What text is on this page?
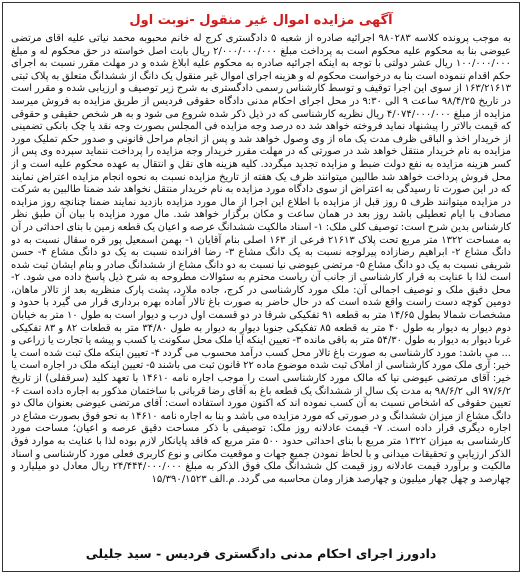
آگهی مزایده اموال غیر منقول -نوبت اول
به موجب پرونده کلاسه ۹۸۰۲۸۳ اجرائیه صادره از شعبه ۵ دادگستری کرج له خانم محبوبه محمد نیاتی علیه آقای مرتضی عیوضی بنا به محکوم علیه محکوم است به پرداخت مبلغ ۲/۰۰۰/۰۰۰/۰۰۰ ریال بابت اصل خواسته در حق محکوم له و مبلغ ۱۰۰/۰۰۰/۰۰۰ ریال عشر دولتی با توجه به اینکه اجرائیه صادره به محکوم علیه ابلاغ شده و در مهلت مقرر نسبت به اجرای حکم اقدام ننموده است بنا به درخواست محکوم له و هزینه اجرای اموال غیر منقول یک دانگ از ششدانگ متعلق به پلاک ثبتی ۱۶۳/۲۱۶۱۳ از سوی این اجرا توقیف و توسط کارشناس رسمی دادگستری به شرح زیر توصیف و ارزیابی شده و مقرر است در تاریخ ۹۸/۴/۲۵ ساعت ۹ الی ۹:۳۰ در محل اجرای احکام مدنی دادگاه حقوقی فردیس از طریق مزایده به فروش میرسد مزایده از مبلغ ۴/۰۷۴/۰۰۰/۰۰۰ ریال نظریه کارشناسی که در ذیل ذکر شده شروع می شود و به هر شخص حقیقی و حقوقی که قیمت بالاتر را پیشنهاد نماید فروخته خواهد شد ده درصد وجه مزایده فی المجلس بصورت وجه نقد یا چک بانکی تضمینی از خریدار اخذ و الباقی ظرف مدت یک ماه از وی وصول خواهد شد و پس از انجام مراحل قانونی و صدور حکم تملیک مورد مزایده به نام خریدار منتقل خواهد شد در صورتی که در مهلت مقرر خریدار وجه مزایده را پرداخت ننماید سپرده وی پس از کسر هزینه مزایده به نفع دولت ضبط و مزایده تجدید میگردد. کلیه هزینه های نقل و انتقال به عهده محکوم علیه است و از محل فروش پرداخت خواهد شد طالبین میتوانند ظرف یک هفته از تاریخ مزایده نسبت به نحوه انجام مزایده اعتراض نمایند که در این صورت تا رسیدگی به اعتراض از سوی دادگاه مورد مزایده به نام خریدار منتقل نخواهد شد ضمنا طالبین به شرکت در مزایده میتوانند ظرف ۵ روز قبل از مزایده با اطلاع این اجرا از مال مورد مزایده بازدید نمایند ضمنا چنانچه روز مزایده مصادف با ایام تعطیلی باشد روز بعد در همان ساعت و مکان برگزار خواهد شد. مال مورد مزایده با بیان آن طبق نظر کارشناس بدین شرح است: توصیف کلی ملک: ۱- اسناد مالکیت ششدانگ عرصه و اعیان یک قطعه زمین با بنای احداثی در آن به مساحت ۱۳۲۲ متر مربع تحت پلاک ۲۱۶۱۳ فرعی از ۱۶۳ اصلی بنام آقایان ۱- بهمن اسمعیل پور قره سقال نسبت به دو دانگ مشاع ۲- ابراهیم رضازاده پیرلوجه نسبت به یک دانگ مشاع ۳- رضا افرانده نسبت به یک دو دانگ مشاع ۴- حسن شریفی نسبت به یک دو دانگ مشاع ۵- مرتضی عیوضی نیا نسبت به دو دانگ مشاع از ششدانگ صادر و بنام ایشان ثبت شده است لذا با عنایت به قرار کارشناسی از جانب آن ریاست محترم به سئوالات مطروحه به شرح ذیل پاسخ داده می شود. ۲- محل دقیق ملک و توصیف اجمالی آن: ملک مورد کارشناسی در کرج، جاده ملارد، پشت پارک منظریه بعد از تالار ماهان، دومین کوچه دست راست واقع شده است که در حال حاضر به صورت باغ تالار آماده بهره برداری قرار می گیرد با حدود و مشخصات شمالا بطول ۱۴/۶۵ متر به قطعه ۹۱ تفکیکی شرقا در دو قسمت اول درب و دیوار است به طول ۱۰ متر به خیابان دوم دیوار به دیوار به طول ۴۰ متر به قطعه ۸۵ تفکیکی جنوبا دیوار به دیوار به طول ۳۴/۸۰ متر به قطعات ۸۲ و ۸۳ تفکیکی غربا دیوار به دیوار به طول ۵۴/۳۰ متر به باقی مانده ۳- تعیین اینکه آیا ملک محل سکونت یا کسب و پیشه یا تجارت یا زراعی و ... می باشد: مورد کارشناسی به صورت باغ تالار محل کسب درآمد محسوب می گردد ۴- تعیین اینکه ملک ثبت شده است یا خیر: آری ملک مورد کارشناسی از املاک ثبت شده موضوع ماده ۲۲ قانون ثبت می باشند ۵- تعیین اینکه ملک در اجاره است یا خیر: آقای مرتضی عیوضی نیا که مالک مورد کارشناسی است را موجب اجاره نامه ۱۴۶۱۰ با تعهد کلید (سرقفلی) از تاریخ ۹۷/۶/۲ الی ۹۸/۶/۲ به مدت یک سال از ششدانگ یک قطعه باغ به آقای رضا قربانی با ساختمان مذکور به اجاره داده است ۶- تعیین حقوقی که اشخاص نسبت به آن کسب نموده اند که اکنون مورد استفاده است: آقای مرتضی عیوضی بعنوان مالک دو دانگ مشاع از میزان ششدانگ و در صورتی که مورد مزایده می باشد و بنا به اجاره نامه ۱۴۶۱۰ به نحو فوق بصورت مشاع در اجاره دیگری قرار داده است. ۷- قیمت عادلانه روز ملک: توصیفی با ذکر مساحت دقیق عرصه و اعیان؛ مساحت مورد کارشناسی به میزان ۱۳۲۲ متر مربع با بنای احداثی حدود ۵۰۰ متر مربع که فاقد پایانکار لازم بوده لذا با عنایت به موارد فوق الذکر ارزیابی و تحقیقات میدانی و با لحاظ نمودن جمیع جهات و موقعیت مکانی و نوع کاربری فعلی مورد کارشناسی و اسناد مالکیت و برآورد قیمت عادلانه روز قیمت کل ششدانگ ملک فوق الذکر به مبلغ ۲۴/۴۴۴/۰۰۰/۰۰۰ ریال معادل دو میلیارد و چهارصد و چهل چهار میلیون و چهارصد هزار ومان محاسبه می گردد. م.الف ۱۵/۳۹۰/۱۵۲۳
دادورز اجرای احکام مدنی دادگستری فردیس - سید جلیلی
